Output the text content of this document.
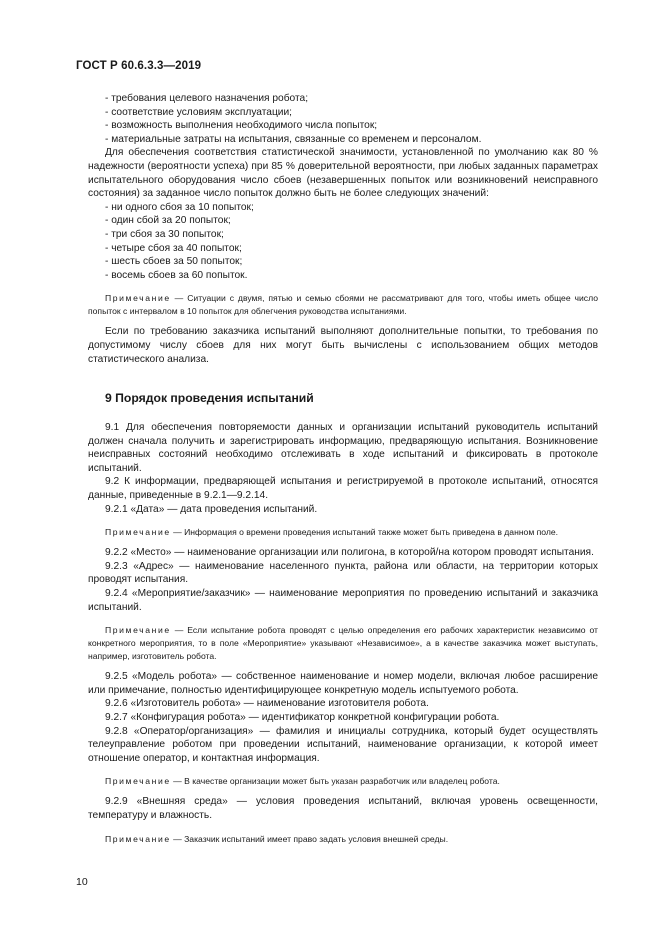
ГОСТ Р 60.6.3.3—2019

- требования целевого назначения робота;

- соответствие условиям эксплуатации;

- возможность выполнения необходимого числа попыток;

- материальные затраты на испытания, связанные со временем и персоналом.

Для обеспечения соответствия статистической значимости, установленной по умолчанию как 80 % надежности (вероятности успеха) при 85 % доверительной вероятности, при любых заданных параметрах испытательного оборудования число сбоев (незавершенных попыток или возникновений неисправного состояния) за заданное число попыток должно быть не более следующих значений:

- ни одного сбоя за 10 попыток;

- один сбой за 20 попыток;

- три сбоя за 30 попыток;

- четыре сбоя за 40 попыток;

- шесть сбоев за 50 попыток;

- восемь сбоев за 60 попыток.

Примечание — Ситуации с двумя, пятью и семью сбоями не рассматривают для того, чтобы иметь общее число попыток с интервалом в 10 попыток для облегчения руководства испытаниями.

Если по требованию заказчика испытаний выполняют дополнительные попытки, то требования по допустимому числу сбоев для них могут быть вычислены с использованием общих методов статистического анализа.

9 Порядок проведения испытаний

9.1 Для обеспечения повторяемости данных и организации испытаний руководитель испытаний должен сначала получить и зарегистрировать информацию, предваряющую испытания. Возникновение неисправных состояний необходимо отслеживать в ходе испытаний и фиксировать в протоколе испытаний.

9.2 К информации, предваряющей испытания и регистрируемой в протоколе испытаний, относятся данные, приведенные в 9.2.1—9.2.14.

9.2.1 «Дата» — дата проведения испытаний.

Примечание — Информация о времени проведения испытаний также может быть приведена в данном поле.

9.2.2 «Место» — наименование организации или полигона, в которой/на котором проводят испытания.

9.2.3 «Адрес» — наименование населенного пункта, района или области, на территории которых проводят испытания.

9.2.4 «Мероприятие/заказчик» — наименование мероприятия по проведению испытаний и заказчика испытаний.

Примечание — Если испытание робота проводят с целью определения его рабочих характеристик независимо от конкретного мероприятия, то в поле «Мероприятие» указывают «Независимое», а в качестве заказчика может выступать, например, изготовитель робота.

9.2.5 «Модель робота» — собственное наименование и номер модели, включая любое расширение или примечание, полностью идентифицирующее конкретную модель испытуемого робота.

9.2.6 «Изготовитель робота» — наименование изготовителя робота.

9.2.7 «Конфигурация робота» — идентификатор конкретной конфигурации робота.

9.2.8 «Оператор/организация» — фамилия и инициалы сотрудника, который будет осуществлять телеуправление роботом при проведении испытаний, наименование организации, к которой имеет отношение оператор, и контактная информация.

Примечание — В качестве организации может быть указан разработчик или владелец робота.

9.2.9 «Внешняя среда» — условия проведения испытаний, включая уровень освещенности, температуру и влажность.

Примечание — Заказчик испытаний имеет право задать условия внешней среды.

10
